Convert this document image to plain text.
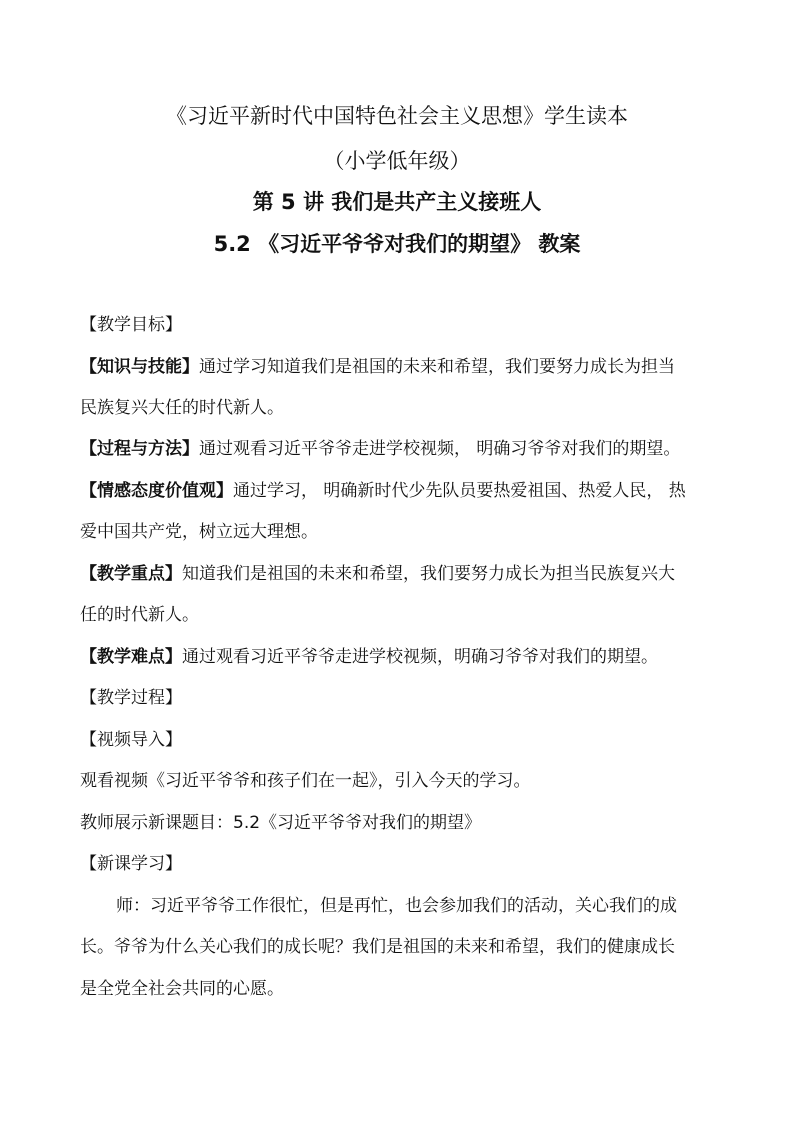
《习近平新时代中国特色社会主义思想》学生读本
（小学低年级）
第 5 讲 我们是共产主义接班人
5.2 《习近平爷爷对我们的期望》 教案
【教学目标】
【知识与技能】通过学习知道我们是祖国的未来和希望，我们要努力成长为担当
民族复兴大任的时代新人。
【过程与方法】通过观看习近平爷爷走进学校视频， 明确习爷爷对我们的期望。
【情感态度价值观】通过学习， 明确新时代少先队员要热爱祖国、热爱人民， 热
爱中国共产党，树立远大理想。
【教学重点】知道我们是祖国的未来和希望，我们要努力成长为担当民族复兴大
任的时代新人。
【教学难点】通过观看习近平爷爷走进学校视频，明确习爷爷对我们的期望。
【教学过程】
【视频导入】
观看视频《习近平爷爷和孩子们在一起》，引入今天的学习。
教师展示新课题目：5.2《习近平爷爷对我们的期望》
【新课学习】
师：习近平爷爷工作很忙，但是再忙，也会参加我们的活动，关心我们的成
长。爷爷为什么关心我们的成长呢？我们是祖国的未来和希望，我们的健康成长
是全党全社会共同的心愿。
